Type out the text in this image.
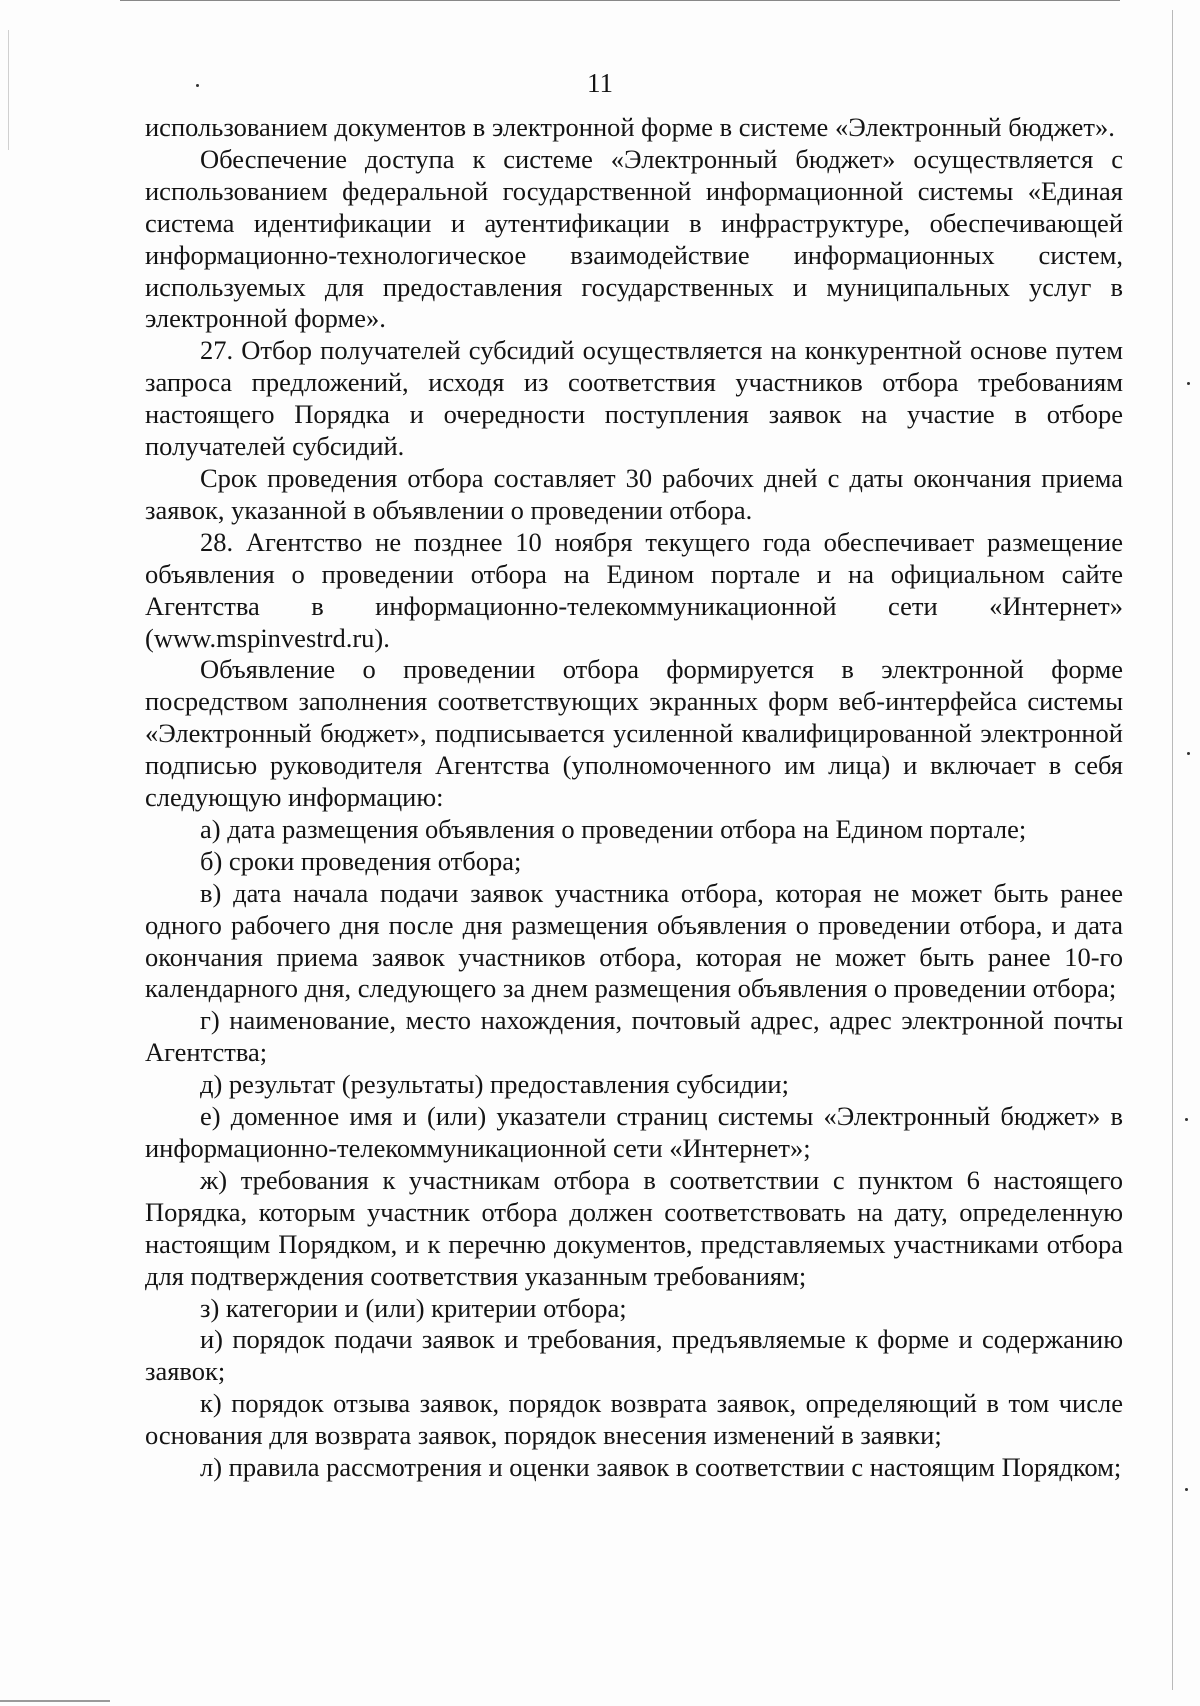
11

использованием документов в электронной форме в системе «Электронный бюджет».

Обеспечение доступа к системе «Электронный бюджет» осуществляется с использованием федеральной государственной информационной системы «Единая система идентификации и аутентификации в инфраструктуре, обеспечивающей информационно-технологическое взаимодействие информационных систем, используемых для предоставления государственных и муниципальных услуг в электронной форме».

27. Отбор получателей субсидий осуществляется на конкурентной основе путем запроса предложений, исходя из соответствия участников отбора требованиям настоящего Порядка и очередности поступления заявок на участие в отборе получателей субсидий.

Срок проведения отбора составляет 30 рабочих дней с даты окончания приема заявок, указанной в объявлении о проведении отбора.

28. Агентство не позднее 10 ноября текущего года обеспечивает размещение объявления о проведении отбора на Едином портале и на официальном сайте Агентства в информационно-телекоммуникационной сети «Интернет» (www.mspinvestrd.ru).

Объявление о проведении отбора формируется в электронной форме посредством заполнения соответствующих экранных форм веб-интерфейса системы «Электронный бюджет», подписывается усиленной квалифицированной электронной подписью руководителя Агентства (уполномоченного им лица) и включает в себя следующую информацию:

а) дата размещения объявления о проведении отбора на Едином портале;

б) сроки проведения отбора;

в) дата начала подачи заявок участника отбора, которая не может быть ранее одного рабочего дня после дня размещения объявления о проведении отбора, и дата окончания приема заявок участников отбора, которая не может быть ранее 10-го календарного дня, следующего за днем размещения объявления о проведении отбора;

г) наименование, место нахождения, почтовый адрес, адрес электронной почты Агентства;

д) результат (результаты) предоставления субсидии;

е) доменное имя и (или) указатели страниц системы «Электронный бюджет» в информационно-телекоммуникационной сети «Интернет»;

ж) требования к участникам отбора в соответствии с пунктом 6 настоящего Порядка, которым участник отбора должен соответствовать на дату, определенную настоящим Порядком, и к перечню документов, представляемых участниками отбора для подтверждения соответствия указанным требованиям;

з) категории и (или) критерии отбора;

и) порядок подачи заявок и требования, предъявляемые к форме и содержанию заявок;

к) порядок отзыва заявок, порядок возврата заявок, определяющий в том числе основания для возврата заявок, порядок внесения изменений в заявки;

л) правила рассмотрения и оценки заявок в соответствии с настоящим Порядком;
